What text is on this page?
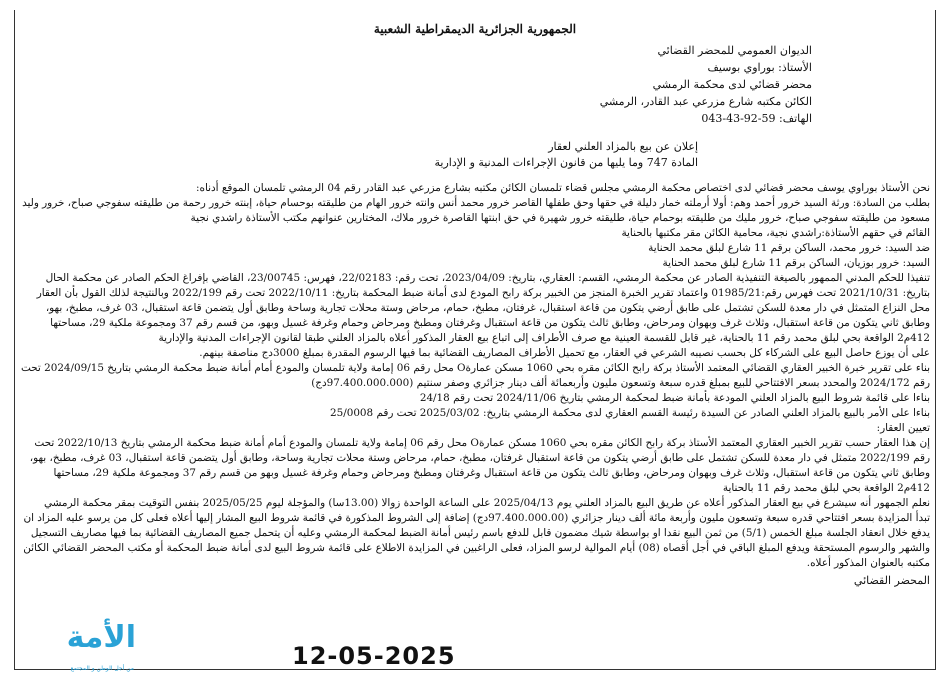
الجمهورية الجزائرية الديمقراطية الشعبية
الديوان العمومي للمحضر القضائي
الأستاذ: بوراوي بوسيف
محضر قضائي لدى محكمة الرمشي
الكائن مكتبه شارع مزرعي عبد القادر، الرمشي
الهاتف: 59-92-43-043
إعلان عن بيع بالمزاد العلني لعقار
المادة 747 وما يليها من قانون الإجراءات المدنية و الإدارية

نحن الأستاذ بوراوي يوسف محضر قضائي لدى اختصاص محكمة الرمشي مجلس قضاء تلمسان الكائن مكتبه بشارع مزرعي عبد القادر رقم 04 الرمشي تلمسان الموقع أدناه:

بطلب من السادة: ورثة السيد خرور أحمد وهم: أولا أرملته خمار دليلة في حقها وحق طفلها القاصر خرور محمد أنس وانته خرور الهام من طليقته بوحسام حياة، إبنته خرور رحمة من طليقته سفوجي صباح، خرور وليد مسعود من طليقته سفوجي صباح، خرور مليك من طليقته بوحمام حياة، طليقته خرور شهيرة في حق ابنتها القاصرة خرور ملاك، المختارين عنوانهم مكتب الأستاذة راشدي نجية

القائم في حقهم الأستاذة:راشدي نجية، محامية الكائن مقر مكتبها بالحناية

ضد السيد: خرور محمد، الساكن برقم 11 شارع لبلق محمد الحناية

السيد: خرور بوزيان، الساكن برقم 11 شارع لبلق محمد الحناية

تنفيذا للحكم المدني الممهور بالصيغة التنفيذية الصادر عن محكمة الرمشي، القسم: العقاري، بتاريخ: 2023/04/09، تحت رقم: 22/02183، فهرس: 23/00745، القاضي بإفراغ الحكم الصادر عن محكمة الحال بتاريخ: 2021/10/31 تحت فهرس رقم:01985/21 واعتماد تقرير الخبرة المنجز من الخبير بركة رابح المودع لدى أمانة ضبط المحكمة بتاريخ: 2022/10/11 تحت رقم 2022/199 وبالنتيجة لذلك القول بأن العقار محل النزاع المتمثل في دار معدة للسكن تشتمل على طابق أرضي يتكون من قاعة استقبال، غرفتان، مطبخ، حمام، مرحاض وستة محلات تجارية وساحة وطابق أول يتضمن قاعة استقبال، 03 غرف، مطبخ، بهو، وطابق ثاني يتكون من قاعة استقبال، وثلاث غرف وبهوان ومرحاض، وطابق ثالث يتكون من قاعة استقبال وغرفتان ومطبخ ومرحاض وحمام وغرفة غسيل وبهو، من قسم رقم 37 ومجموعة ملكية 29، مساحتها 412م2 الواقعة بحي لبلق محمد رقم 11 بالحناية، غير قابل للقسمة العينية مع صرف الأطراف إلى اتباع بيع العقار المذكور أعلاه بالمزاد العلني طبقا لقانون الإجراءات المدنية والإدارية

على أن يوزع حاصل البيع على الشركاء كل بحسب نصيبه الشرعي في العقار، مع تحميل الأطراف المصاريف القضائية بما فيها الرسوم المقدرة بمبلغ 3000دج مناصفة بينهم.

بناء على تقرير خبرة الخبير العقاري القضائي المعتمد الأستاذ بركة رابح الكائن مقره بحي 1060 مسكن عمارةO محل رقم 06 إمامة ولاية تلمسان والمودع أمام أمانة ضبط محكمة الرمشي بتاريخ 2024/09/15 تحت رقم 2024/172 والمحدد بسعر الافتتاحي للبيع بمبلغ قدره سبعة وتسعون مليون وأربعمائة ألف دينار جزائري وصفر سنتيم (97.400.000.000دج)

بناءا على قائمة شروط البيع بالمزاد العلني المودعة بأمانة ضبط لمحكمة الرمشي بتاريخ 2024/11/06 تحت رقم 24/18

بناءا على الأمر بالبيع بالمزاد العلني الصادر عن السيدة رئيسة القسم العقاري لدى محكمة الرمشي بتاريخ: 2025/03/02 تحت رقم 25/0008

تعيين العقار:

إن هذا العقار حسب تقرير الخبير العقاري المعتمد الأستاذ بركة رابح الكائن مقره بحي 1060 مسكن عمارةO محل رقم 06 إمامة ولاية تلمسان والمودع أمام أمانة ضبط محكمة الرمشي بتاريخ 2022/10/13 تحت رقم 2022/199 متمثل في دار معدة للسكن تشتمل على طابق أرضي يتكون من قاعة استقبال غرفتان، مطبخ، حمام، مرحاض وستة محلات تجارية وساحة، وطابق أول يتضمن قاعة استقبال، 03 غرف، مطبخ، بهو، وطابق ثاني يتكون من قاعة استقبال، وثلاث غرف وبهوان ومرحاض، وطابق ثالث يتكون من قاعة استقبال وغرفتان ومطبخ ومرحاض وحمام وغرفة غسيل وبهو من قسم رقم 37 ومجموعة ملكية 29، مساحتها 412م2 الواقعة بحي لبلق محمد رقم 11 بالحناية

نعلم الجمهور أنه سيشرع في بيع العقار المذكور أعلاه عن طريق البيع بالمزاد العلني يوم 2025/04/13 على الساعة الواحدة زوالا (13.00سا) والمؤجلة ليوم 2025/05/25 بنفس التوقيت بمقر محكمة الرمشي

تبدأ المزايدة بسعر افتتاحي قدره سبعة وتسعون مليون وأربعة مائة ألف دينار جزائري (97.400.000.00دج) إضافة إلى الشروط المذكورة في قائمة شروط البيع المشار إليها أعلاه فعلى كل من يرسو عليه المزاد ان يدفع خلال انعقاد الجلسة مبلغ الخمس (5/1) من ثمن البيع نقدا او بواسطة شيك مضمون قابل للدفع باسم رئيس أمانة الضبط لمحكمة الرمشي وعليه أن يتحمل جميع المصاريف القضائية بما فيها مصاريف التسجيل والشهر والرسوم المستحقة ويدفع المبلغ الباقي في أجل أقصاه (08) أيام الموالية لرسو المزاد، فعلى الراغبين في المزايدة الاطلاع على قائمة شروط البيع لدى أمانة ضبط المحكمة أو مكتب المحضر القضائي الكائن مكتبه بالعنوان المذكور أعلاه.

المحضر القضائي
12-05-2025
الأمة
من أجل الوطن و المجتمع
